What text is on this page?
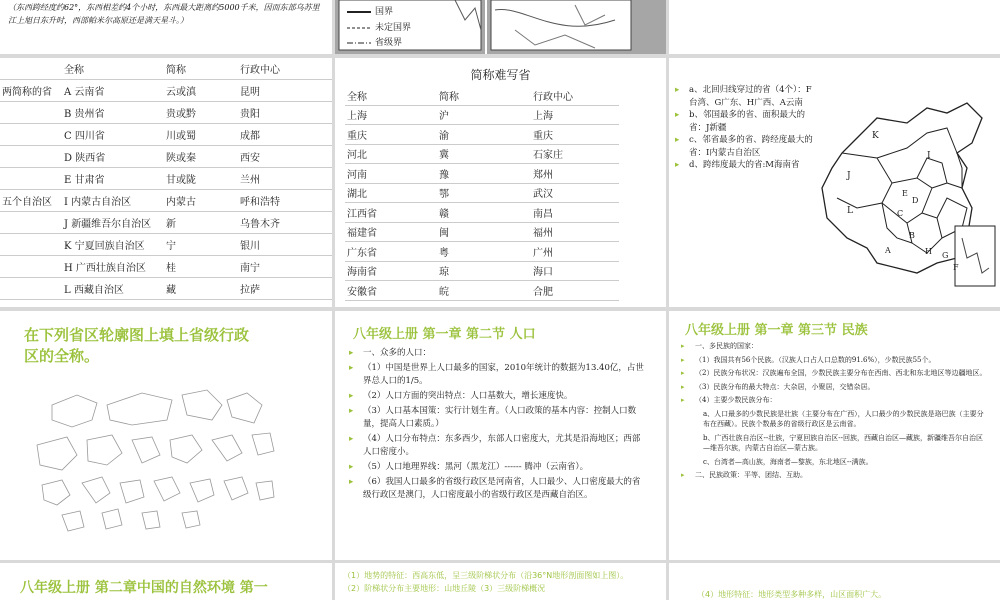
（东西跨经度约62°，东西相差约4个小时，东西最大距离约5000千米，因而东部乌苏里江上旭日东升时，西部帕米尔高原还是满天星斗。）
国界
未定国界
省级界
	全称	简称	行政中心
两简称的省	A 云南省	云或滇	昆明
	B 贵州省	贵或黔	贵阳
	C 四川省	川或蜀	成都
	D 陕西省	陕或秦	西安
	E 甘肃省	甘或陇	兰州
五个自治区	I 内蒙古自治区	内蒙古	呼和浩特
	J 新疆维吾尔自治区	新	乌鲁木齐
	K 宁夏回族自治区	宁	银川
	H 广西壮族自治区	桂	南宁
	L 西藏自治区	藏	拉萨
简称难写省
全称	简称	行政中心
上海	沪	上海
重庆	渝	重庆
河北	冀	石家庄
河南	豫	郑州
湖北	鄂	武汉
江西省	赣	南昌
福建省	闽	福州
广东省	粤	广州
海南省	琼	海口
安徽省	皖	合肥
▸ a、北回归线穿过的省（4个）：F台湾、G广东、H广西、A云南
▸ b、邻国最多的省、面积最大的省：J新疆
▸ c、邻省最多的省、跨经度最大的省：I内蒙古自治区
▸ d、跨纬度最大的省:M海南省
K
J
I
E
D
C
L
B
A	H G
F
在下列省区轮廓图上填上省级行政区的全称。
八年级上册 第一章 第二节 人口
▸ 一、众多的人口：
▸ （1）中国是世界上人口最多的国家，2010年统计的数据为13.40亿，占世界总人口的1/5。
▸ （2）人口方面的突出特点：人口基数大，增长速度快。
▸ （3）人口基本国策：实行计划生育。（人口政策的基本内容：控制人口数量，提高人口素质。）
▸ （4）人口分布特点：东多西少，东部人口密度大，尤其是沿海地区；西部人口密度小。
▸ （5）人口地理界线：黑河（黑龙江）------ 腾冲（云南省）。
▸ （6）我国人口最多的省级行政区是河南省，人口最少、人口密度最大的省级行政区是澳门，人口密度最小的省级行政区是西藏自治区。
八年级上册 第一章 第三节 民族
▸ 一、多民族的国家：
▸ （1）我国共有56个民族。（汉族人口占人口总数的91.6%），少数民族55个。
▸ （2）民族分布状况：汉族遍布全国，少数民族主要分布在西南、西北和东北地区等边疆地区。
▸ （3）民族分布的最大特点：大杂居，小聚居，交错杂居。
▸ （4）主要少数民族分布：
a、人口最多的少数民族是壮族（主要分布在广西），人口最少的少数民族是珞巴族（主要分布在西藏）。民族个数最多的省级行政区是云南省。
b、广西壮族自治区--壮族，宁夏回族自治区--回族，西藏自治区—藏族，新疆维吾尔自治区—维吾尔族，内蒙古自治区—蒙古族。
c、台湾者—高山族，海南者—黎族，东北地区--满族。
▸ 二、民族政策：平等、团结、互助。
八年级上册 第二章中国的自然环境 第一
（1）地势的特征：西高东低，呈三级阶梯状分布（沿36°N地形剖面图如上图）。
（2）阶梯状分布主要地形：山地丘陵（3）三级阶梯概况
（4）地形特征：地形类型多种多样，山区面积广大。
